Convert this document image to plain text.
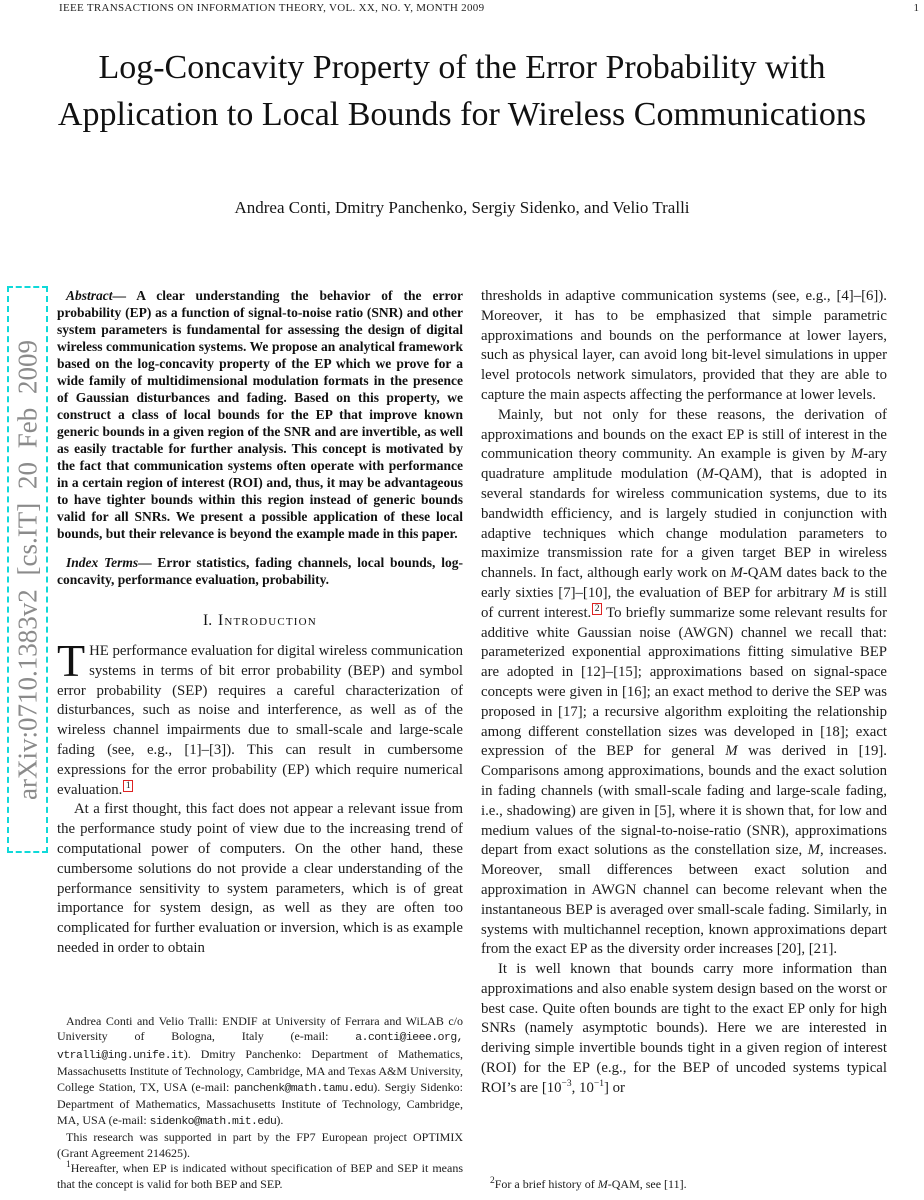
IEEE TRANSACTIONS ON INFORMATION THEORY, VOL. XX, NO. Y, MONTH 2009	1
Log-Concavity Property of the Error Probability with Application to Local Bounds for Wireless Communications
Andrea Conti, Dmitry Panchenko, Sergiy Sidenko, and Velio Tralli
arXiv:0710.1383v2 [cs.IT] 20 Feb 2009

Abstract— A clear understanding the behavior of the error probability (EP) as a function of signal-to-noise ratio (SNR) and other system parameters is fundamental for assessing the design of digital wireless communication systems. We propose an analytical framework based on the log-concavity property of the EP which we prove for a wide family of multidimensional modulation formats in the presence of Gaussian disturbances and fading. Based on this property, we construct a class of local bounds for the EP that improve known generic bounds in a given region of the SNR and are invertible, as well as easily tractable for further analysis. This concept is motivated by the fact that communication systems often operate with performance in a certain region of interest (ROI) and, thus, it may be advantageous to have tighter bounds within this region instead of generic bounds valid for all SNRs. We present a possible application of these local bounds, but their relevance is beyond the example made in this paper.

Index Terms— Error statistics, fading channels, local bounds, log-concavity, performance evaluation, probability.

I. Introduction

THE performance evaluation for digital wireless communication systems in terms of bit error probability (BEP) and symbol error probability (SEP) requires a careful characterization of disturbances, such as noise and interference, as well as of the wireless channel impairments due to small-scale and large-scale fading (see, e.g., [1]–[3]). This can result in cumbersome expressions for the error probability (EP) which require numerical evaluation. $^1$

At a first thought, this fact does not appear a relevant issue from the performance study point of view due to the increasing trend of computational power of computers. On the other hand, these cumbersome solutions do not provide a clear understanding of the performance sensitivity to system parameters, which is of great importance for system design, as well as they are often too complicated for further evaluation or inversion, which is as example needed in order to obtain

Andrea Conti and Velio Tralli: ENDIF at University of Ferrara and WiLAB c/o University of Bologna, Italy (e-mail: a.conti@ieee.org, vtralli@ing.unife.it). Dmitry Panchenko: Department of Mathematics, Massachusetts Institute of Technology, Cambridge, MA and Texas A&M University, College Station, TX, USA (e-mail: panchenk@math.tamu.edu). Sergiy Sidenko: Department of Mathematics, Massachusetts Institute of Technology, Cambridge, MA, USA (e-mail: sidenko@math.mit.edu).

This research was supported in part by the FP7 European project OPTIMIX (Grant Agreement 214625).

$^1$Hereafter, when EP is indicated without specification of BEP and SEP it means that the concept is valid for both BEP and SEP.

thresholds in adaptive communication systems (see, e.g., [4]–[6]). Moreover, it has to be emphasized that simple parametric approximations and bounds on the performance at lower layers, such as physical layer, can avoid long bit-level simulations in upper level protocols network simulators, provided that they are able to capture the main aspects affecting the performance at lower levels.

Mainly, but not only for these reasons, the derivation of approximations and bounds on the exact EP is still of interest in the communication theory community. An example is given by M-ary quadrature amplitude modulation (M-QAM), that is adopted in several standards for wireless communication systems, due to its bandwidth efficiency, and is largely studied in conjunction with adaptive techniques which change modulation parameters to maximize transmission rate for a given target BEP in wireless channels. In fact, although early work on M-QAM dates back to the early sixties [7]–[10], the evaluation of BEP for arbitrary M is still of current interest. $^2$ To briefly summarize some relevant results for additive white Gaussian noise (AWGN) channel we recall that: parameterized exponential approximations fitting simulative BEP are adopted in [12]–[15]; approximations based on signal-space concepts were given in [16]; an exact method to derive the SEP was proposed in [17]; a recursive algorithm exploiting the relationship among different constellation sizes was developed in [18]; exact expression of the BEP for general M was derived in [19]. Comparisons among approximations, bounds and the exact solution in fading channels (with small-scale fading and large-scale fading, i.e., shadowing) are given in [5], where it is shown that, for low and medium values of the signal-to-noise-ratio (SNR), approximations depart from exact solutions as the constellation size, M, increases. Moreover, small differences between exact solution and approximation in AWGN channel can become relevant when the instantaneous BEP is averaged over small-scale fading. Similarly, in systems with multichannel reception, known approximations depart from the exact EP as the diversity order increases [20], [21].

It is well known that bounds carry more information than approximations and also enable system design based on the worst or best case. Quite often bounds are tight to the exact EP only for high SNRs (namely asymptotic bounds). Here we are interested in deriving simple invertible bounds tight in a given region of interest (ROI) for the EP (e.g., for the BEP of uncoded systems typical ROI’s are [$10^{-3}$, $10^{-1}$] or

$^2$For a brief history of M-QAM, see [11].
